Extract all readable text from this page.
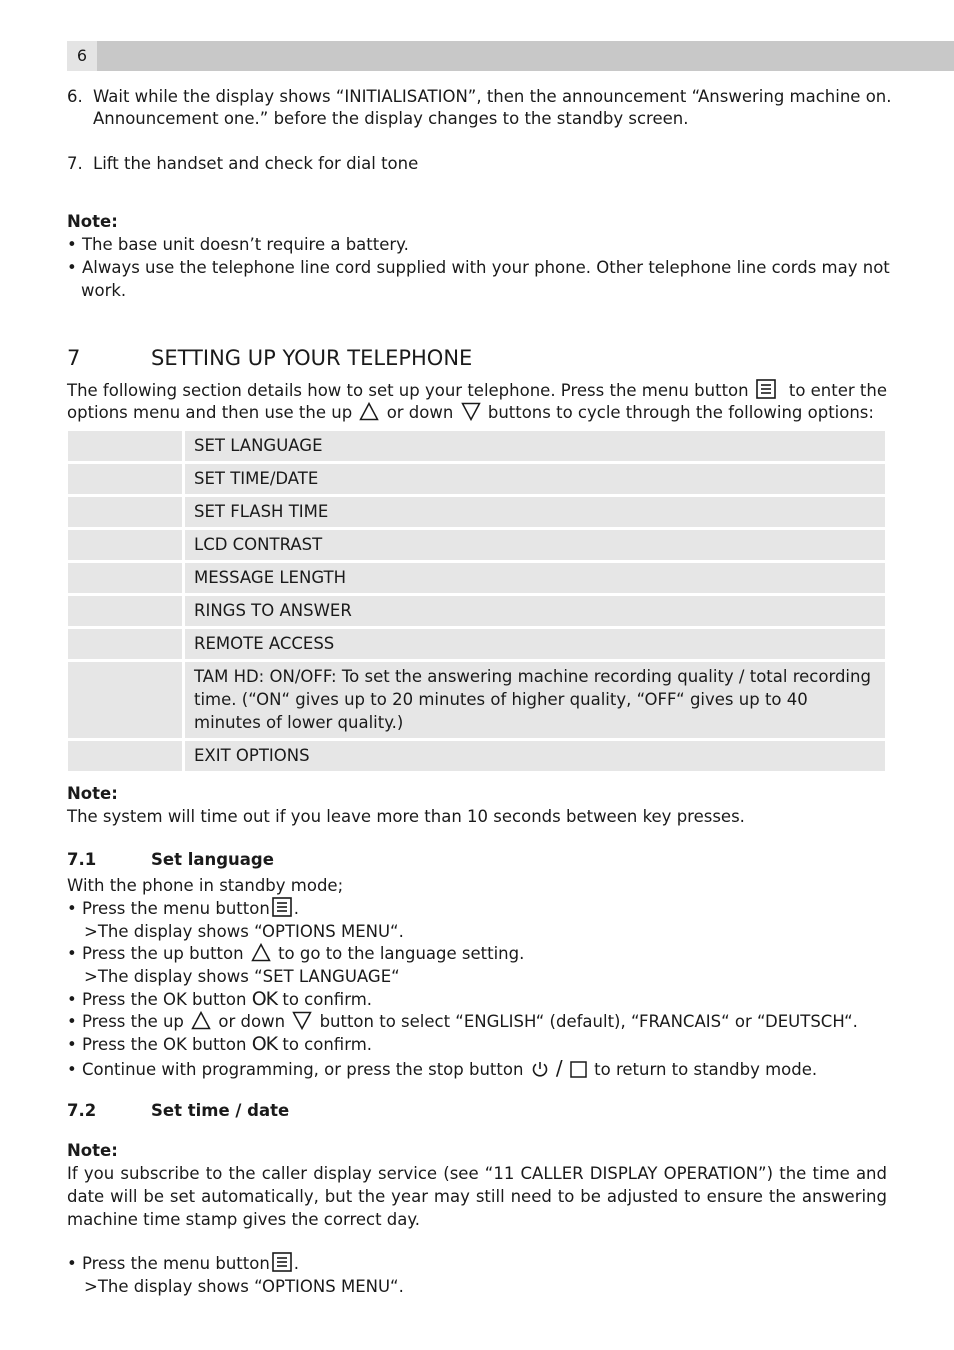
6
6. Wait while the display shows “INITIALISATION”, then the announcement “Answering machine on.
Announcement one.” before the display changes to the standby screen.
7. Lift the handset and check for dial tone
Note:
• The base unit doesn’t require a battery.
• Always use the telephone line cord supplied with your phone. Other telephone line cords may not
work.
7	SETTING UP YOUR TELEPHONE
The following section details how to set up your telephone. Press the menu button	to enter the
options menu and then use the up or down buttons to cycle through the following options:
SET LANGUAGE
SET TIME/DATE
SET FLASH TIME
LCD CONTRAST
MESSAGE LENGTH
RINGS TO ANSWER
REMOTE ACCESS
TAM HD: ON/OFF: To set the answering machine recording quality / total recording time. (“ON“ gives up to 20 minutes of higher quality, “OFF“ gives up to 40 minutes of lower quality.)
EXIT OPTIONS
Note:
The system will time out if you leave more than 10 seconds between key presses.
7.1	Set language
With the phone in standby mode;
• Press the menu button .
>The display shows “OPTIONS MENU“.
• Press the up button to go to the language setting.
>The display shows “SET LANGUAGE“
• Press the OK button OK to confirm.
• Press the up or down button to select “ENGLISH“ (default), “FRANCAIS“ or “DEUTSCH“.
• Press the OK button OK to confirm.
• Continue with programming, or press the stop button / to return to standby mode.
7.2	Set time / date
Note:
If you subscribe to the caller display service (see “11 CALLER DISPLAY OPERATION”) the time and date will be set automatically, but the year may still need to be adjusted to ensure the answering machine time stamp gives the correct day.
• Press the menu button .
>The display shows “OPTIONS MENU“.
